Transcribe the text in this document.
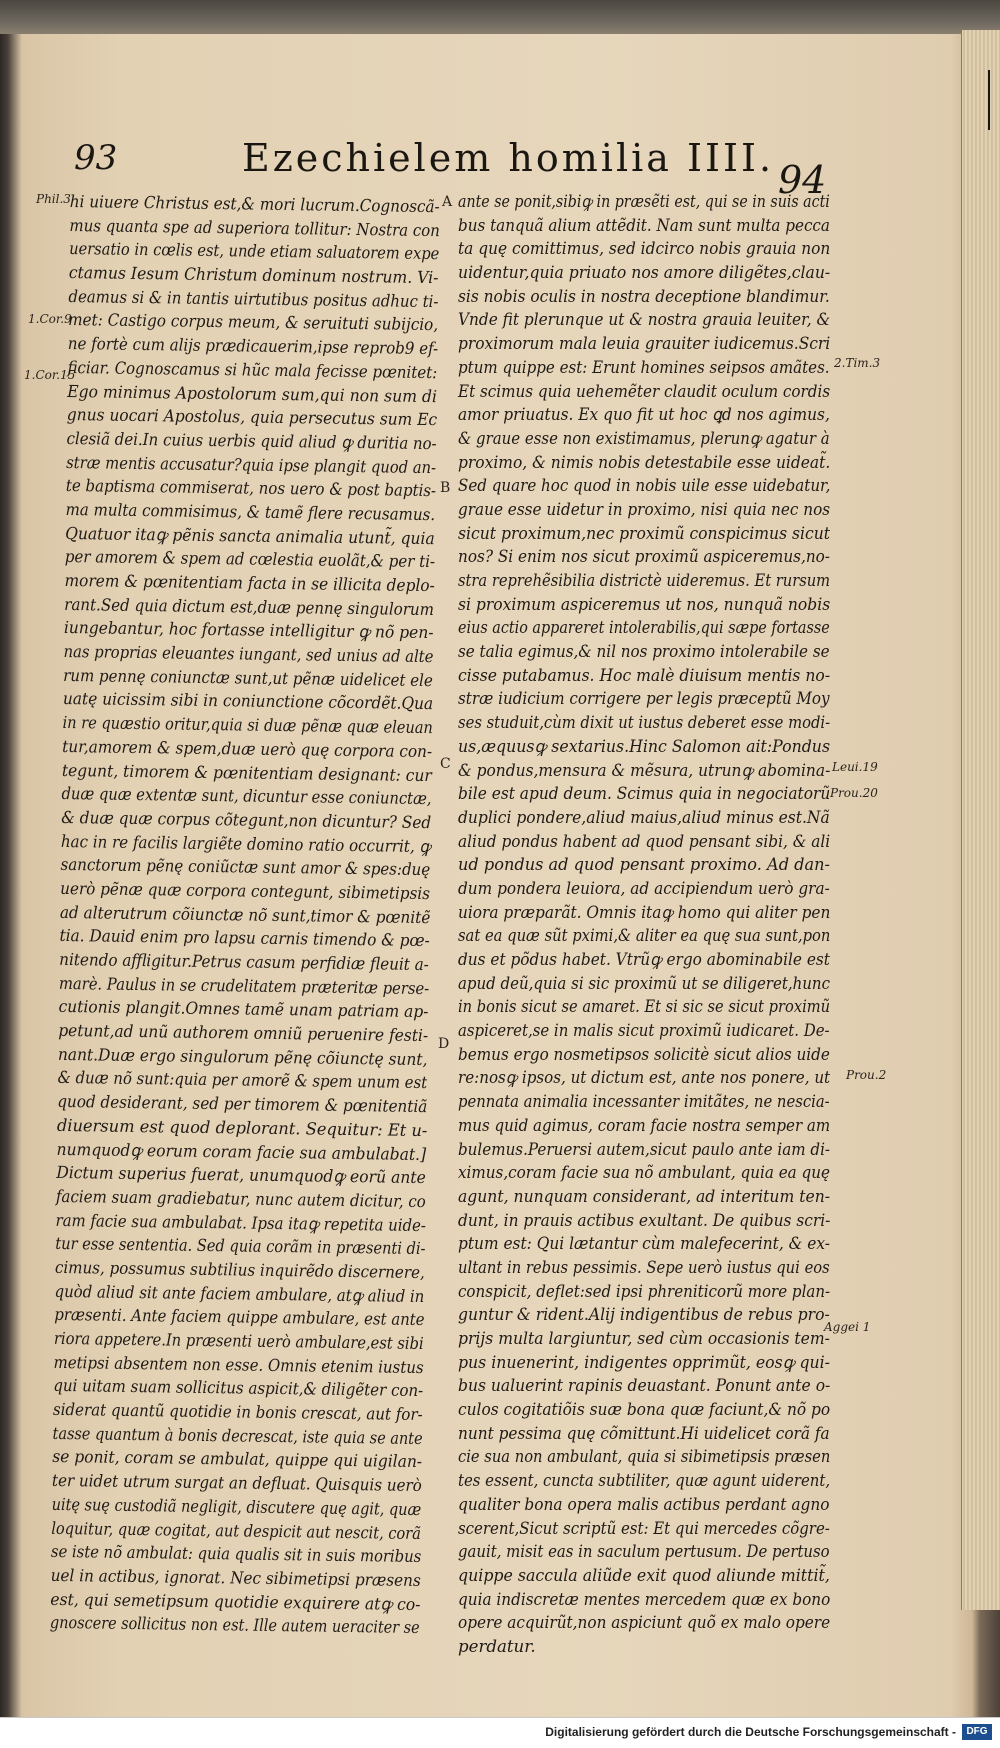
93	Ezechielem homilia IIII. 94
Phil.3
1.Cor.9
1.Cor.15
2.Tim.3
Leui.19
Prou.20
Prou.2
Aggei 1
A
B
C
D
hi uiuere Christus est,& mori lucrum.Cognoscã-
mus quanta spe ad superiora tollitur: Nostra con
uersatio in cœlis est, unde etiam saluatorem expe
ctamus Iesum Christum dominum nostrum. Vi-
deamus si & in tantis uirtutibus positus adhuc ti-
met: Castigo corpus meum, & seruituti subijcio,
ne fortè cum alijs prædicauerim,ipse reprob9 ef-
ficiar. Cognoscamus si hũc mala fecisse pœnitet:
Ego minimus Apostolorum sum,qui non sum di
gnus uocari Apostolus, quia persecutus sum Ec
clesiã dei.In cuius uerbis quid aliud ꝙ duritia no-
stræ mentis accusatur?quia ipse plangit quod an-
te baptisma commiserat, nos uero & post baptis-
ma multa commisimus, & tamẽ flere recusamus.
Quatuor itaꝙ pẽnis sancta animalia utunt̃, quia
per amorem & spem ad cœlestia euolãt,& per ti-
morem & pœnitentiam facta in se illicita deplo-
rant.Sed quia dictum est,duæ pennę singulorum
iungebantur, hoc fortasse intelligitur ꝙ nõ pen-
nas proprias eleuantes iungant, sed unius ad alte
rum pennę coniunctæ sunt,ut pẽnæ uidelicet ele
uatę uicissim sibi in coniunctione cõcordẽt.Qua
in re quæstio oritur,quia si duæ pẽnæ quæ eleuan
tur,amorem & spem,duæ uerò quę corpora con-
tegunt, timorem & pœnitentiam designant: cur
duæ quæ extentæ sunt, dicuntur esse coniunctæ,
& duæ quæ corpus cõtegunt,non dicuntur? Sed
hac in re facilis largiẽte domino ratio occurrit, ꝙ
sanctorum pẽnę coniũctæ sunt amor & spes:duę
uerò pẽnæ quæ corpora contegunt, sibimetipsis
ad alterutrum cõiunctæ nõ sunt,timor & pœnitẽ
tia. Dauid enim pro lapsu carnis timendo & pœ-
nitendo affligitur.Petrus casum perfidiæ fleuit a-
marè. Paulus in se crudelitatem præteritæ perse-
cutionis plangit.Omnes tamẽ unam patriam ap-
petunt,ad unũ authorem omniũ peruenire festi-
nant.Duæ ergo singulorum pẽnę cõiunctę sunt,
& duæ nõ sunt:quia per amorẽ & spem unum est
quod desiderant, sed per timorem & pœnitentiã
diuersum est quod deplorant. Sequitur: Et u-
numquodꝙ eorum coram facie sua ambulabat.]
Dictum superius fuerat, unumquodꝙ eorũ ante
faciem suam gradiebatur, nunc autem dicitur, co
ram facie sua ambulabat. Ipsa itaꝙ repetita uide-
tur esse sententia. Sed quia corãm in præsenti di-
cimus, possumus subtilius inquirẽdo discernere,
quòd aliud sit ante faciem ambulare, atꝙ aliud in
præsenti. Ante faciem quippe ambulare, est ante
riora appetere.In præsenti uerò ambulare,est sibi
metipsi absentem non esse. Omnis etenim iustus
qui uitam suam sollicitus aspicit,& diligẽter con-
siderat quantũ quotidie in bonis crescat, aut for-
tasse quantum à bonis decrescat, iste quia se ante
se ponit, coram se ambulat, quippe qui uigilan-
ter uidet utrum surgat an defluat. Quisquis uerò
uitę suę custodiã negligit, discutere quę agit, quæ
loquitur, quæ cogitat, aut despicit aut nescit, corã
se iste nõ ambulat: quia qualis sit in suis moribus
uel in actibus, ignorat. Nec sibimetipsi præsens
est, qui semetipsum quotidie exquirere atꝙ co-
gnoscere sollicitus non est. Ille autem ueraciter se
ante se ponit,sibiꝙ in præsẽti est, qui se in suis acti
bus tanquã alium attẽdit. Nam sunt multa pecca
ta quę comittimus, sed idcirco nobis grauia non
uidentur,quia priuato nos amore diligẽtes,clau-
sis nobis oculis in nostra deceptione blandimur.
Vnde fit plerunque ut & nostra grauia leuiter, &
proximorum mala leuia grauiter iudicemus.Scri
ptum quippe est: Erunt homines seipsos amãtes.
Et scimus quia uehemẽter claudit oculum cordis
amor priuatus. Ex quo fit ut hoc ꝗd nos agimus,
& graue esse non existimamus, plerunꝙ agatur à
proximo, & nimis nobis detestabile esse uideat̃.
Sed quare hoc quod in nobis uile esse uidebatur,
graue esse uidetur in proximo, nisi quia nec nos
sicut proximum,nec proximũ conspicimus sicut
nos? Si enim nos sicut proximũ aspiceremus,no-
stra reprehẽsibilia districtè uideremus. Et rursum
si proximum aspiceremus ut nos, nunquã nobis
eius actio appareret intolerabilis,qui sæpe fortasse
se talia egimus,& nil nos proximo intolerabile se
cisse putabamus. Hoc malè diuisum mentis no-
stræ iudicium corrigere per legis præceptũ Moy
ses studuit,cùm dixit ut iustus deberet esse modi-
us,æquusꝙ sextarius.Hinc Salomon ait:Pondus
& pondus,mensura & mẽsura, utrunꝙ abomina-
bile est apud deum. Scimus quia in negociatorũ
duplici pondere,aliud maius,aliud minus est.Nã
aliud pondus habent ad quod pensant sibi, & ali
ud pondus ad quod pensant proximo. Ad dan-
dum pondera leuiora, ad accipiendum uerò gra-
uiora præparãt. Omnis itaꝙ homo qui aliter pen
sat ea quæ sũt pximi,& aliter ea quę sua sunt,pon
dus et põdus habet. Vtrũꝙ ergo abominabile est
apud deũ,quia si sic proximũ ut se diligeret,hunc
in bonis sicut se amaret. Et si sic se sicut proximũ
aspiceret,se in malis sicut proximũ iudicaret. De-
bemus ergo nosmetipsos solicitè sicut alios uide
re:nosꝙ ipsos, ut dictum est, ante nos ponere, ut
pennata animalia incessanter imitãtes, ne nescia-
mus quid agimus, coram facie nostra semper am
bulemus.Peruersi autem,sicut paulo ante iam di-
ximus,coram facie sua nõ ambulant, quia ea quę
agunt, nunquam considerant, ad interitum ten-
dunt, in prauis actibus exultant. De quibus scri-
ptum est: Qui lætantur cùm malefecerint, & ex-
ultant in rebus pessimis. Sepe uerò iustus qui eos
conspicit, deflet:sed ipsi phreniticorũ more plan-
guntur & rident.Alij indigentibus de rebus pro-
prijs multa largiuntur, sed cùm occasionis tem-
pus inuenerint, indigentes opprimũt, eosꝙ qui-
bus ualuerint rapinis deuastant. Ponunt ante o-
culos cogitatiõis suæ bona quæ faciunt,& nõ po
nunt pessima quę cõmittunt.Hi uidelicet corã fa
cie sua non ambulant, quia si sibimetipsis præsen
tes essent, cuncta subtiliter, quæ agunt uiderent,
qualiter bona opera malis actibus perdant agno
scerent,Sicut scriptũ est: Et qui mercedes cõgre-
gauit, misit eas in saculum pertusum. De pertuso
quippe saccula aliũde exit quod aliunde mittit̃,
quia indiscretæ mentes mercedem quæ ex bono
opere acquirũt,non aspiciunt quõ ex malo opere
perdatur.
Digitalisierung gefördert durch die Deutsche Forschungsgemeinschaft -	DFG
